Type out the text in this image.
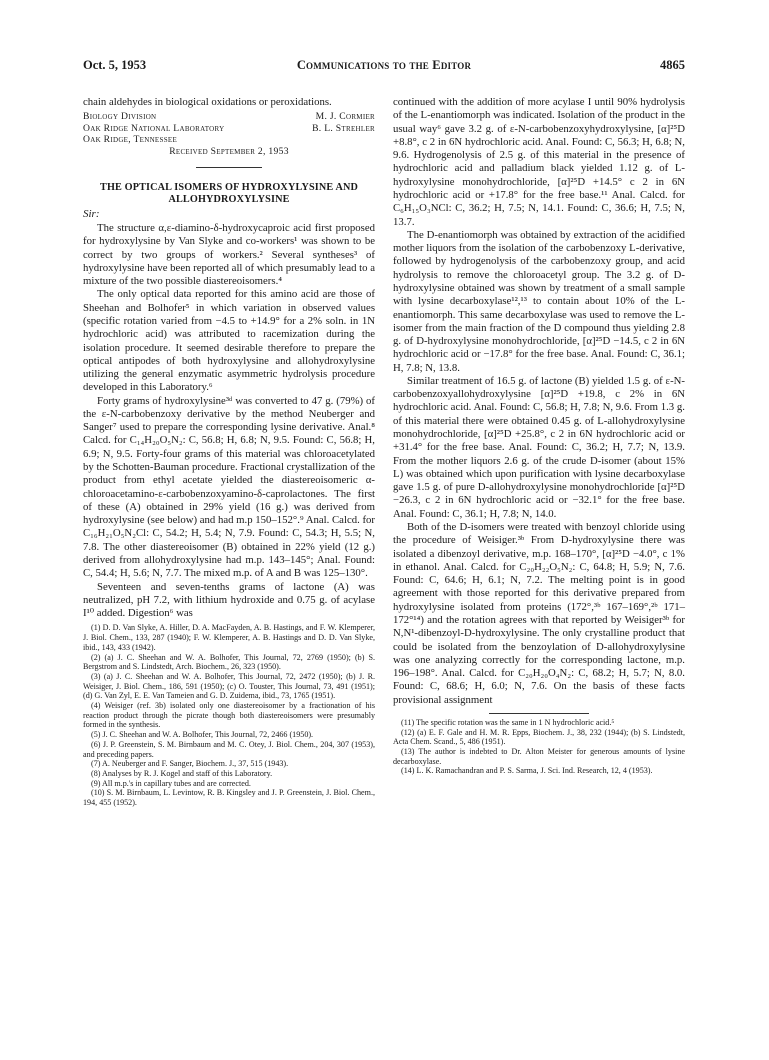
Oct. 5, 1953	Communications to the Editor	4865

chain aldehydes in biological oxidations or peroxidations.

Biology Division	M. J. Cormier
Oak Ridge National Laboratory	B. L. Strehler
Oak Ridge, Tennessee
Received September 2, 1953
THE OPTICAL ISOMERS OF HYDROXYLYSINE AND ALLOHYDROXYLYSINE
Sir:

The structure α,ε-diamino-δ-hydroxycaproic acid first proposed for hydroxylysine by Van Slyke and co-workers¹ was shown to be correct by two groups of workers.² Several syntheses³ of hydroxylysine have been reported all of which presumably lead to a mixture of the two possible diastereoisomers.⁴

The only optical data reported for this amino acid are those of Sheehan and Bolhofer⁵ in which variation in observed values (specific rotation varied from −4.5 to +14.9° for a 2% soln. in 1N hydrochloric acid) was attributed to racemization during the isolation procedure. It seemed desirable therefore to prepare the optical antipodes of both hydroxylysine and allohydroxylysine utilizing the general enzymatic asymmetric hydrolysis procedure developed in this Laboratory.⁶

Forty grams of hydroxylysine³ᵈ was converted to 47 g. (79%) of the ε-N-carbobenzoxy derivative by the method Neuberger and Sanger⁷ used to prepare the corresponding lysine derivative. Anal.⁸ Calcd. for C₁₄H₂₀O₅N₂: C, 56.8; H, 6.8; N, 9.5. Found: C, 56.8; H, 6.9; N, 9.5. Forty-four grams of this material was chloroacetylated by the Schotten-Bauman procedure. Fractional crystallization of the product from ethyl acetate yielded the diastereoisomeric α-chloroacetamino-ε-carbobenzoxyamino-δ-caprolactones. The first of these (A) obtained in 29% yield (16 g.) was derived from hydroxylysine (see below) and had m.p 150–152°.⁹ Anal. Calcd. for C₁₆H₂₁O₅N₂Cl: C, 54.2; H, 5.4; N, 7.9. Found: C, 54.3; H, 5.5; N, 7.8. The other diastereoisomer (B) obtained in 22% yield (12 g.) derived from allohydroxylysine had m.p. 143–145°; Anal. Found: C, 54.4; H, 5.6; N, 7.7. The mixed m.p. of A and B was 125–130°.

Seventeen and seven-tenths grams of lactone (A) was neutralized, pH 7.2, with lithium hydroxide and 0.75 g. of acylase I¹⁰ added. Digestion⁶ was

(1) D. D. Van Slyke, A. Hiller, D. A. MacFayden, A. B. Hastings, and F. W. Klemperer, J. Biol. Chem., 133, 287 (1940); F. W. Klemperer, A. B. Hastings and D. D. Van Slyke, ibid., 143, 433 (1942).

(2) (a) J. C. Sheehan and W. A. Bolhofer, This Journal, 72, 2769 (1950); (b) S. Bergstrom and S. Lindstedt, Arch. Biochem., 26, 323 (1950).

(3) (a) J. C. Sheehan and W. A. Bolhofer, This Journal, 72, 2472 (1950); (b) J. R. Weisiger, J. Biol. Chem., 186, 591 (1950); (c) O. Touster, This Journal, 73, 491 (1951); (d) G. Van Zyl, E. E. Van Tameien and G. D. Zuidema, ibid., 73, 1765 (1951).

(4) Weisiger (ref. 3b) isolated only one diastereoisomer by a fractionation of his reaction product through the picrate though both diastereoisomers were presumably formed in the synthesis.

(5) J. C. Sheehan and W. A. Bolhofer, This Journal, 72, 2466 (1950).

(6) J. P. Greenstein, S. M. Birnbaum and M. C. Otey, J. Biol. Chem., 204, 307 (1953), and preceding papers.

(7) A. Neuberger and F. Sanger, Biochem. J., 37, 515 (1943).

(8) Analyses by R. J. Kogel and staff of this Laboratory.

(9) All m.p.'s in capillary tubes and are corrected.

(10) S. M. Birnbaum, L. Levintow, R. B. Kingsley and J. P. Greenstein, J. Biol. Chem., 194, 455 (1952).

continued with the addition of more acylase I until 90% hydrolysis of the L-enantiomorph was indicated. Isolation of the product in the usual way⁶ gave 3.2 g. of ε-N-carbobenzoxyhydroxylysine, [α]²⁵D +8.8°, c 2 in 6N hydrochloric acid. Anal. Found: C, 56.3; H, 6.8; N, 9.6. Hydrogenolysis of 2.5 g. of this material in the presence of hydrochloric acid and palladium black yielded 1.12 g. of L-hydroxylysine monohydrochloride, [α]²⁵D +14.5° c 2 in 6N hydrochloric acid or +17.8° for the free base.¹¹ Anal. Calcd. for C₆H₁₅O₃NCl: C, 36.2; H, 7.5; N, 14.1. Found: C, 36.6; H, 7.5; N, 13.7.

The D-enantiomorph was obtained by extraction of the acidified mother liquors from the isolation of the carbobenzoxy L-derivative, followed by hydrogenolysis of the carbobenzoxy group, and acid hydrolysis to remove the chloroacetyl group. The 3.2 g. of D-hydroxylysine obtained was shown by treatment of a small sample with lysine decarboxylase¹²,¹³ to contain about 10% of the L-enantiomorph. This same decarboxylase was used to remove the L-isomer from the main fraction of the D compound thus yielding 2.8 g. of D-hydroxylysine monohydrochloride, [α]²⁵D −14.5, c 2 in 6N hydrochloric acid or −17.8° for the free base. Anal. Found: C, 36.1; H, 7.8; N, 13.8.

Similar treatment of 16.5 g. of lactone (B) yielded 1.5 g. of ε-N-carbobenzoxyallohydroxylysine [α]²⁵D +19.8, c 2% in 6N hydrochloric acid. Anal. Found: C, 56.8; H, 7.8; N, 9.6. From 1.3 g. of this material there were obtained 0.45 g. of L-allohydroxylysine monohydrochloride, [α]²⁵D +25.8°, c 2 in 6N hydrochloric acid or +31.4° for the free base. Anal. Found: C, 36.2; H, 7.7; N, 13.9. From the mother liquors 2.6 g. of the crude D-isomer (about 15% L) was obtained which upon purification with lysine decarboxylase gave 1.5 g. of pure D-allohydroxylysine monohydrochloride [α]²⁵D −26.3, c 2 in 6N hydrochloric acid or −32.1° for the free base. Anal. Found: C, 36.1; H, 7.8; N, 14.0.

Both of the D-isomers were treated with benzoyl chloride using the procedure of Weisiger.³ᵇ From D-hydroxylysine there was isolated a dibenzoyl derivative, m.p. 168–170°, [α]²⁵D −4.0°, c 1% in ethanol. Anal. Calcd. for C₂₀H₂₂O₅N₂: C, 64.8; H, 5.9; N, 7.6. Found: C, 64.6; H, 6.1; N, 7.2. The melting point is in good agreement with those reported for this derivative prepared from hydroxylysine isolated from proteins (172°,³ᵇ 167–169°,²ᵇ 171–172°¹⁴) and the rotation agrees with that reported by Weisiger³ᵇ for N,N¹-dibenzoyl-D-hydroxylysine. The only crystalline product that could be isolated from the benzoylation of D-allohydroxylysine was one analyzing correctly for the corresponding lactone, m.p. 196–198°. Anal. Calcd. for C₂₀H₂₀O₄N₂: C, 68.2; H, 5.7; N, 8.0. Found: C, 68.6; H, 6.0; N, 7.6. On the basis of these facts provisional assignment

(11) The specific rotation was the same in 1 N hydrochloric acid.⁵

(12) (a) E. F. Gale and H. M. R. Epps, Biochem. J., 38, 232 (1944); (b) S. Lindstedt, Acta Chem. Scand., 5, 486 (1951).

(13) The author is indebted to Dr. Alton Meister for generous amounts of lysine decarboxylase.

(14) L. K. Ramachandran and P. S. Sarma, J. Sci. Ind. Research, 12, 4 (1953).
